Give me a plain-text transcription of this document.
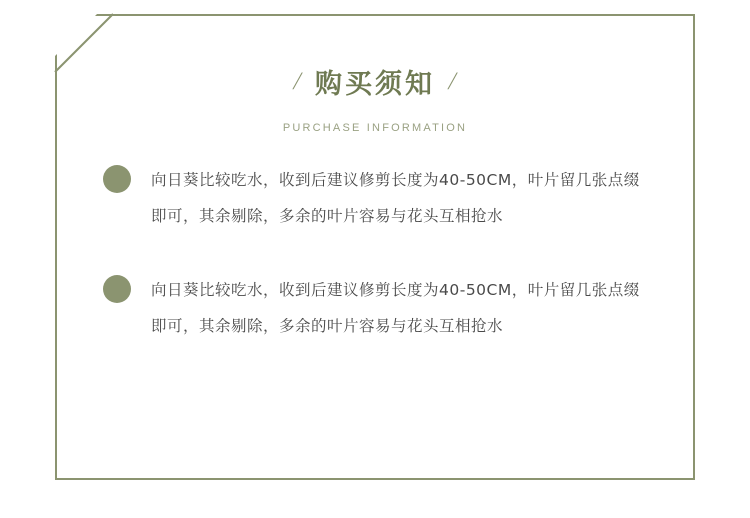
/ 购买须知 /
PURCHASE INFORMATION
向日葵比较吃水，收到后建议修剪长度为40-50CM，叶片留几张点缀即可，其余剔除，多余的叶片容易与花头互相抢水
向日葵比较吃水，收到后建议修剪长度为40-50CM，叶片留几张点缀即可，其余剔除，多余的叶片容易与花头互相抢水
